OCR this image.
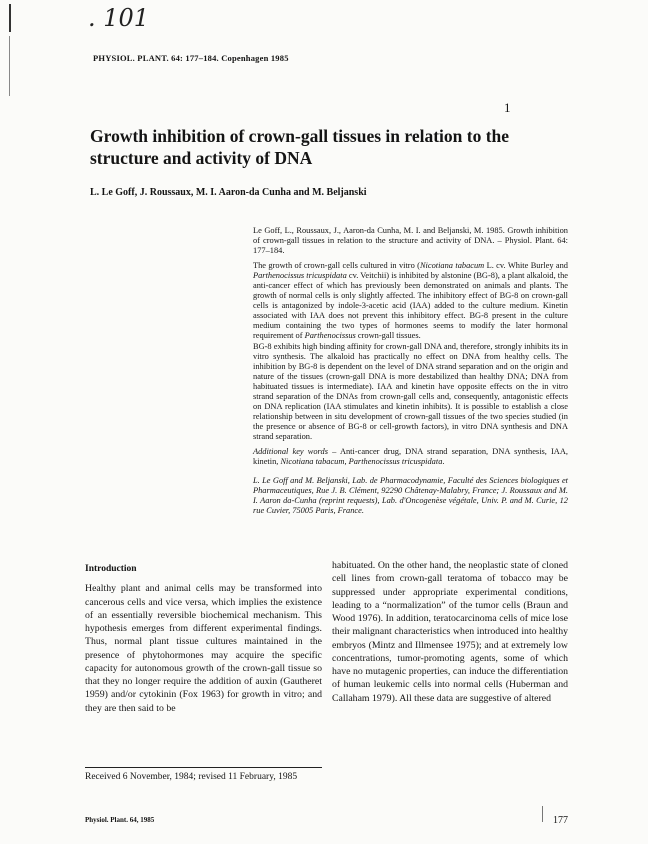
. 101
PHYSIOL. PLANT. 64: 177–184. Copenhagen 1985
1
Growth inhibition of crown-gall tissues in relation to the structure and activity of DNA
L. Le Goff, J. Roussaux, M. I. Aaron-da Cunha and M. Beljanski

Le Goff, L., Roussaux, J., Aaron-da Cunha, M. I. and Beljanski, M. 1985. Growth inhibition of crown-gall tissues in relation to the structure and activity of DNA. – Physiol. Plant. 64: 177–184.

The growth of crown-gall cells cultured in vitro (Nicotiana tabacum L. cv. White Burley and Parthenocissus tricuspidata cv. Veitchii) is inhibited by alstonine (BG-8), a plant alkaloid, the anti-cancer effect of which has previously been demonstrated on animals and plants. The growth of normal cells is only slightly affected. The inhibitory effect of BG-8 on crown-gall cells is antagonized by indole-3-acetic acid (IAA) added to the culture medium. Kinetin associated with IAA does not prevent this inhibitory effect. BG-8 present in the culture medium containing the two types of hormones seems to modify the later hormonal requirement of Parthenocissus crown-gall tissues.

BG-8 exhibits high binding affinity for crown-gall DNA and, therefore, strongly inhibits its in vitro synthesis. The alkaloid has practically no effect on DNA from healthy cells. The inhibition by BG-8 is dependent on the level of DNA strand separation and on the origin and nature of the tissues (crown-gall DNA is more destabilized than healthy DNA; DNA from habituated tissues is intermediate). IAA and kinetin have opposite effects on the in vitro strand separation of the DNAs from crown-gall cells and, consequently, antagonistic effects on DNA replication (IAA stimulates and kinetin inhibits). It is possible to establish a close relationship between in situ development of crown-gall tissues of the two species studied (in the presence or absence of BG-8 or cell-growth factors), in vitro DNA synthesis and DNA strand separation.

Additional key words – Anti-cancer drug, DNA strand separation, DNA synthesis, IAA, kinetin, Nicotiana tabacum, Parthenocissus tricuspidata.

L. Le Goff and M. Beljanski, Lab. de Pharmacodynamie, Faculté des Sciences biologiques et Pharmaceutiques, Rue J. B. Clément, 92290 Châtenay-Malabry, France; J. Roussaux and M. I. Aaron da-Cunha (reprint requests), Lab. d'Oncogenèse végétale, Univ. P. and M. Curie, 12 rue Cuvier, 75005 Paris, France.

Introduction

Healthy plant and animal cells may be transformed into cancerous cells and vice versa, which implies the existence of an essentially reversible biochemical mechanism. This hypothesis emerges from different experimental findings. Thus, normal plant tissue cultures maintained in the presence of phytohormones may acquire the specific capacity for autonomous growth of the crown-gall tissue so that they no longer require the addition of auxin (Gautheret 1959) and/or cytokinin (Fox 1963) for growth in vitro; and they are then said to be

habituated. On the other hand, the neoplastic state of cloned cell lines from crown-gall teratoma of tobacco may be suppressed under appropriate experimental conditions, leading to a “normalization” of the tumor cells (Braun and Wood 1976). In addition, teratocarcinoma cells of mice lose their malignant characteristics when introduced into healthy embryos (Mintz and Illmensee 1975); and at extremely low concentrations, tumor-promoting agents, some of which have no mutagenic properties, can induce the differentiation of human leukemic cells into normal cells (Huberman and Callaham 1979). All these data are suggestive of altered
Received 6 November, 1984; revised 11 February, 1985
Physiol. Plant. 64, 1985	177
